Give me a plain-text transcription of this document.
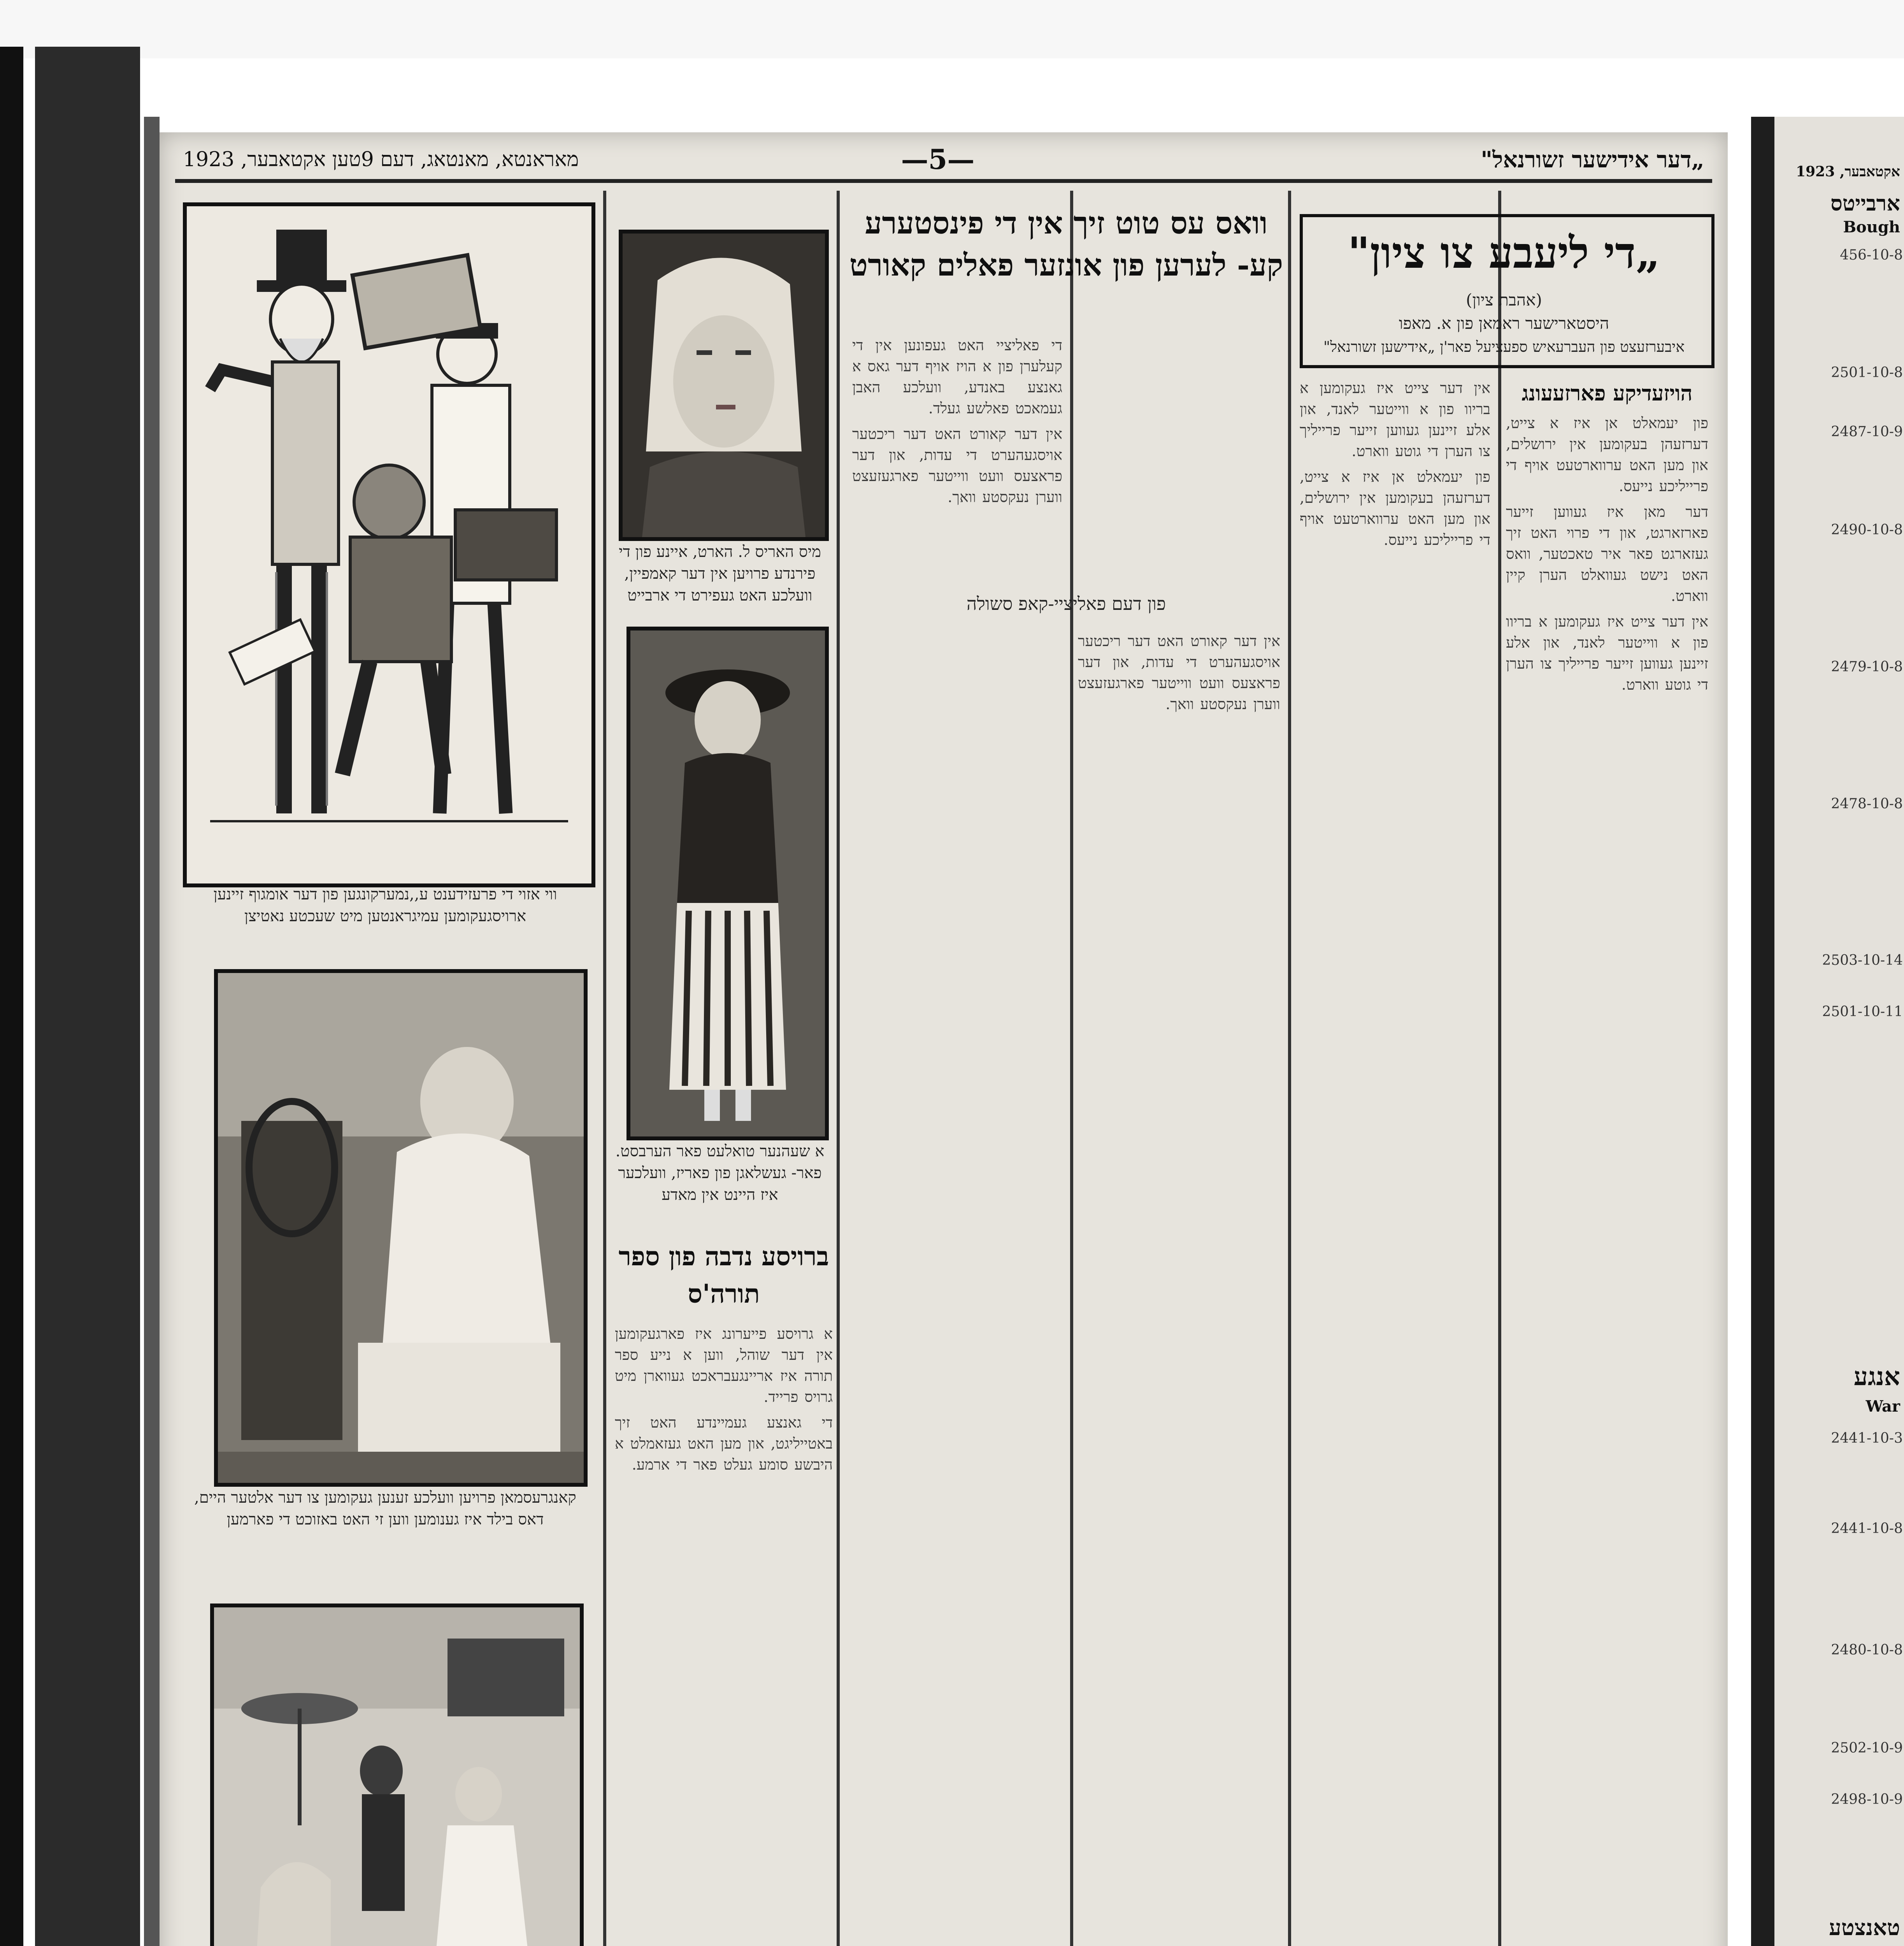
„דער אידישער זשורנאל"
—5—
מאראנטא, מאנטאג, דעם 9טען אקטאבער, 1923
ווי אזוי די פרעזידענט ע,,נמערקונגען פון דער אומגוף זיינען ארויסגעקומען עמיגראנטען מיט שעכטע נאטיצן
קאנגרעסמאן פרויען וועלכע זענען געקומען צו דער אלטער היים, דאס בילד איז גענומען ווען זי האט באזוכט די פארמען

מיס האריס ל. הארט, איינע פון די פירנדע פרויען אין דער קאמפיין, וועלכע האט געפירט די ארבייט
א שעהנער טואלעט פאר הערבסט. פאר- געשלאגן פון פאריז, וועלכער איז היינט אין מאדע
ברויסע נדבה פון ספר תורה'ס

א גרויסע פייערונג איז פארגעקומען אין דער שוהל, ווען א נייע ספר תורה איז אריינגעבראכט געווארן מיט גרויס פרייד.

די גאנצע געמיינדע האט זיך באטייליגט, און מען האט געזאמלט א היבשע סומע געלט פאר די ארמע.

וואס עס טוט זיך אין די פינסטערע קע- לערען פון אונזער פאלים קאורט
פון דעם פאליציי-קאפ סשולה

די פאליציי האט געפונען אין די קעלערן פון א הויז אויף דער גאס א גאנצע באנדע, וועלכע האבן געמאכט פאלשע געלד.

אין דער קאורט האט דער ריכטער אויסגעהערט די עדות, און דער פראצעס וועט ווייטער פארגעזעצט ווערן נעקסטע וואך.

אין דער קאורט האט דער ריכטער אויסגעהערט די עדות, און דער פראצעס וועט ווייטער פארגעזעצט ווערן נעקסטע וואך.

„די ליעבע צו ציון"
(אהבת ציון)
היסטארישער ראמאן פון א. מאפו
איבערזעצט פון העברעאיש ספעציעל פאר'ן „אידישען זשורנאל"
הויזעדיקע פארזעעונג

פון יעמאלט אן איז א צייט, דערזעהן בעקומען אין ירושלים, און מען האט ערווארטעט אויף די פרייליכע נייעס.

דער מאן איז געווען זייער פארזארגט, און די פרוי האט זיך געזארגט פאר איר טאכטער, וואס האט נישט געוואלט הערן קיין ווארט.

אין דער צייט איז געקומען א בריוו פון א ווייטער לאנד, און אלע זיינען געווען זייער פרייליך צו הערן די גוטע ווארט.

אין דער צייט איז געקומען א בריוו פון א ווייטער לאנד, און אלע זיינען געווען זייער פרייליך צו הערן די גוטע ווארט.

פון יעמאלט אן איז א צייט, דערזעהן בעקומען אין ירושלים, און מען האט ערווארטעט אויף די פרייליכע נייעס.

אקטאבער, 1923
ארבייטס
Bough
456-10-8
2501-10-8
2487-10-9
2490-10-8
2479-10-8
2478-10-8
2503-10-14
2501-10-11
אנגע
War
2441-10-3
2441-10-8
2480-10-8
2502-10-9
2498-10-9
טאנצטע
